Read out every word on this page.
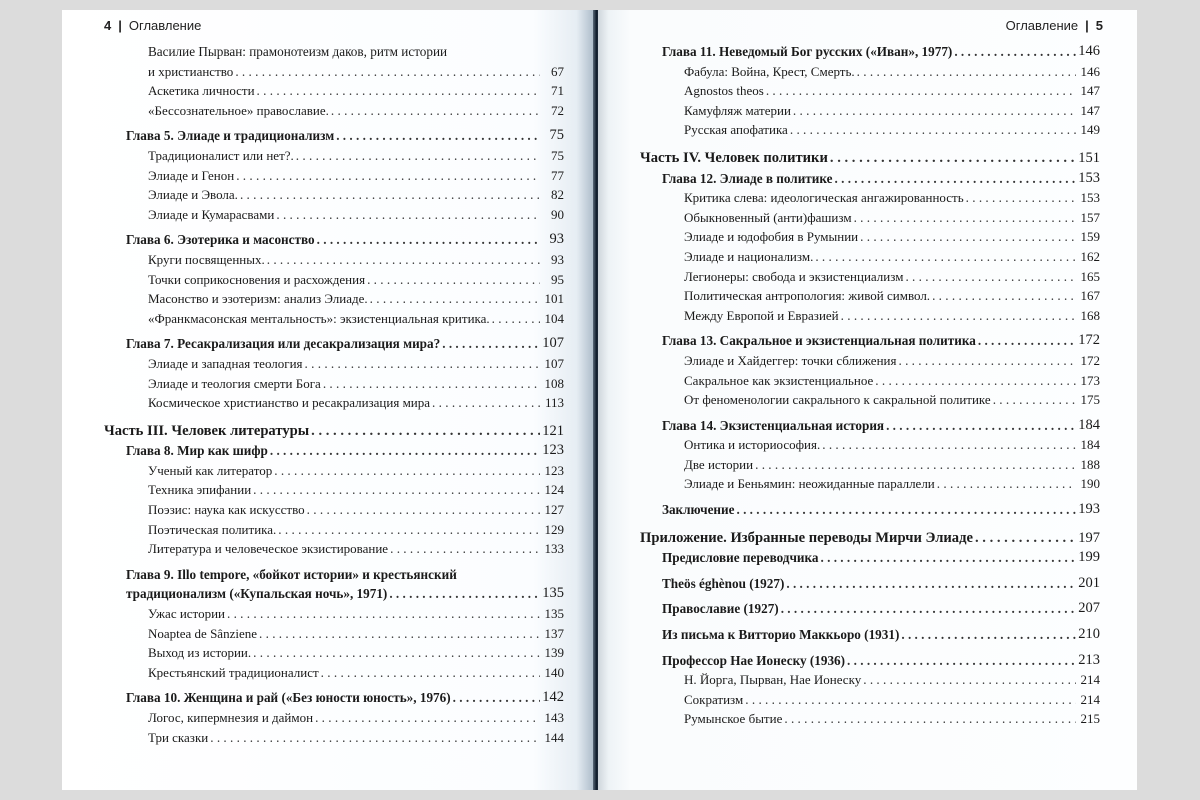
4 | Оглавление
Василие Пырван: прамонотеизм даков, ритм истории
и христианство . . .	67
Аскетика личности . . .	71
«Бессознательное» православие. . . .	72
Глава 5. Элиаде и традиционализм . . .	75
Традиционалист или нет?. . . .	75
Элиаде и Генон . . .	77
Элиаде и Эвола. . . .	82
Элиаде и Кумарасвами . . .	90
Глава 6. Эзотерика и масонство . . .	93
Круги посвященных. . . .	93
Точки соприкосновения и расхождения . . .	95
Масонство и эзотеризм: анализ Элиаде. . . .	101
«Франкмасонская ментальность»: экзистенциальная критика. . . .	104
Глава 7. Ресакрализация или десакрализация мира? . . .	107
Элиаде и западная теология . . .	107
Элиаде и теология смерти Бога . . .	108
Космическое христианство и ресакрализация мира . . .	113
Часть III. Человек литературы . . .	121
Глава 8. Мир как шифр . . .	123
Ученый как литератор . . .	123
Техника эпифании . . .	124
Поэзис: наука как искусство . . .	127
Поэтическая политика. . . .	129
Литература и человеческое экзистирование . . .	133
Глава 9. Illo tempore, «бойкот истории» и крестьянский
традиционализм («Купальская ночь», 1971) . . .	135
Ужас истории . . .	135
Noaptea de Sânziene . . .	137
Выход из истории. . . .	139
Крестьянский традиционалист . . .	140
Глава 10. Женщина и рай («Без юности юность», 1976) . . .	142
Логос, кипермнезия и даймон . . .	143
Три сказки . . .	144
Оглавление | 5
Глава 11. Неведомый Бог русских («Иван», 1977) . . .	146
Фабула: Война, Крест, Смерть. . . .	146
Agnostos theos . . .	147
Камуфляж материи . . .	147
Русская апофатика . . .	149
Часть IV. Человек политики . . .	151
Глава 12. Элиаде в политике . . .	153
Критика слева: идеологическая ангажированность . . .	153
Обыкновенный (анти)фашизм . . .	157
Элиаде и юдофобия в Румынии . . .	159
Элиаде и национализм. . . .	162
Легионеры: свобода и экзистенциализм . . .	165
Политическая антропология: живой символ. . . .	167
Между Европой и Евразией . . .	168
Глава 13. Сакральное и экзистенциальная политика . . .	172
Элиаде и Хайдеггер: точки сближения . . .	172
Сакральное как экзистенциальное . . .	173
От феноменологии сакрального к сакральной политике . . .	175
Глава 14. Экзистенциальная история . . .	184
Онтика и историософия. . . .	184
Две истории . . .	188
Элиаде и Беньямин: неожиданные параллели . . .	190
Заключение . . .	193
Приложение. Избранные переводы Мирчи Элиаде . . .	197
Предисловие переводчика . . .	199
Theös éghènou (1927) . . .	201
Православие (1927) . . .	207
Из письма к Витторио Маккьоро (1931) . . .	210
Профессор Нае Ионеску (1936) . . .	213
Н. Йорга, Пырван, Нае Ионеску . . .	214
Сократизм . . .	214
Румынское бытие . . .	215
